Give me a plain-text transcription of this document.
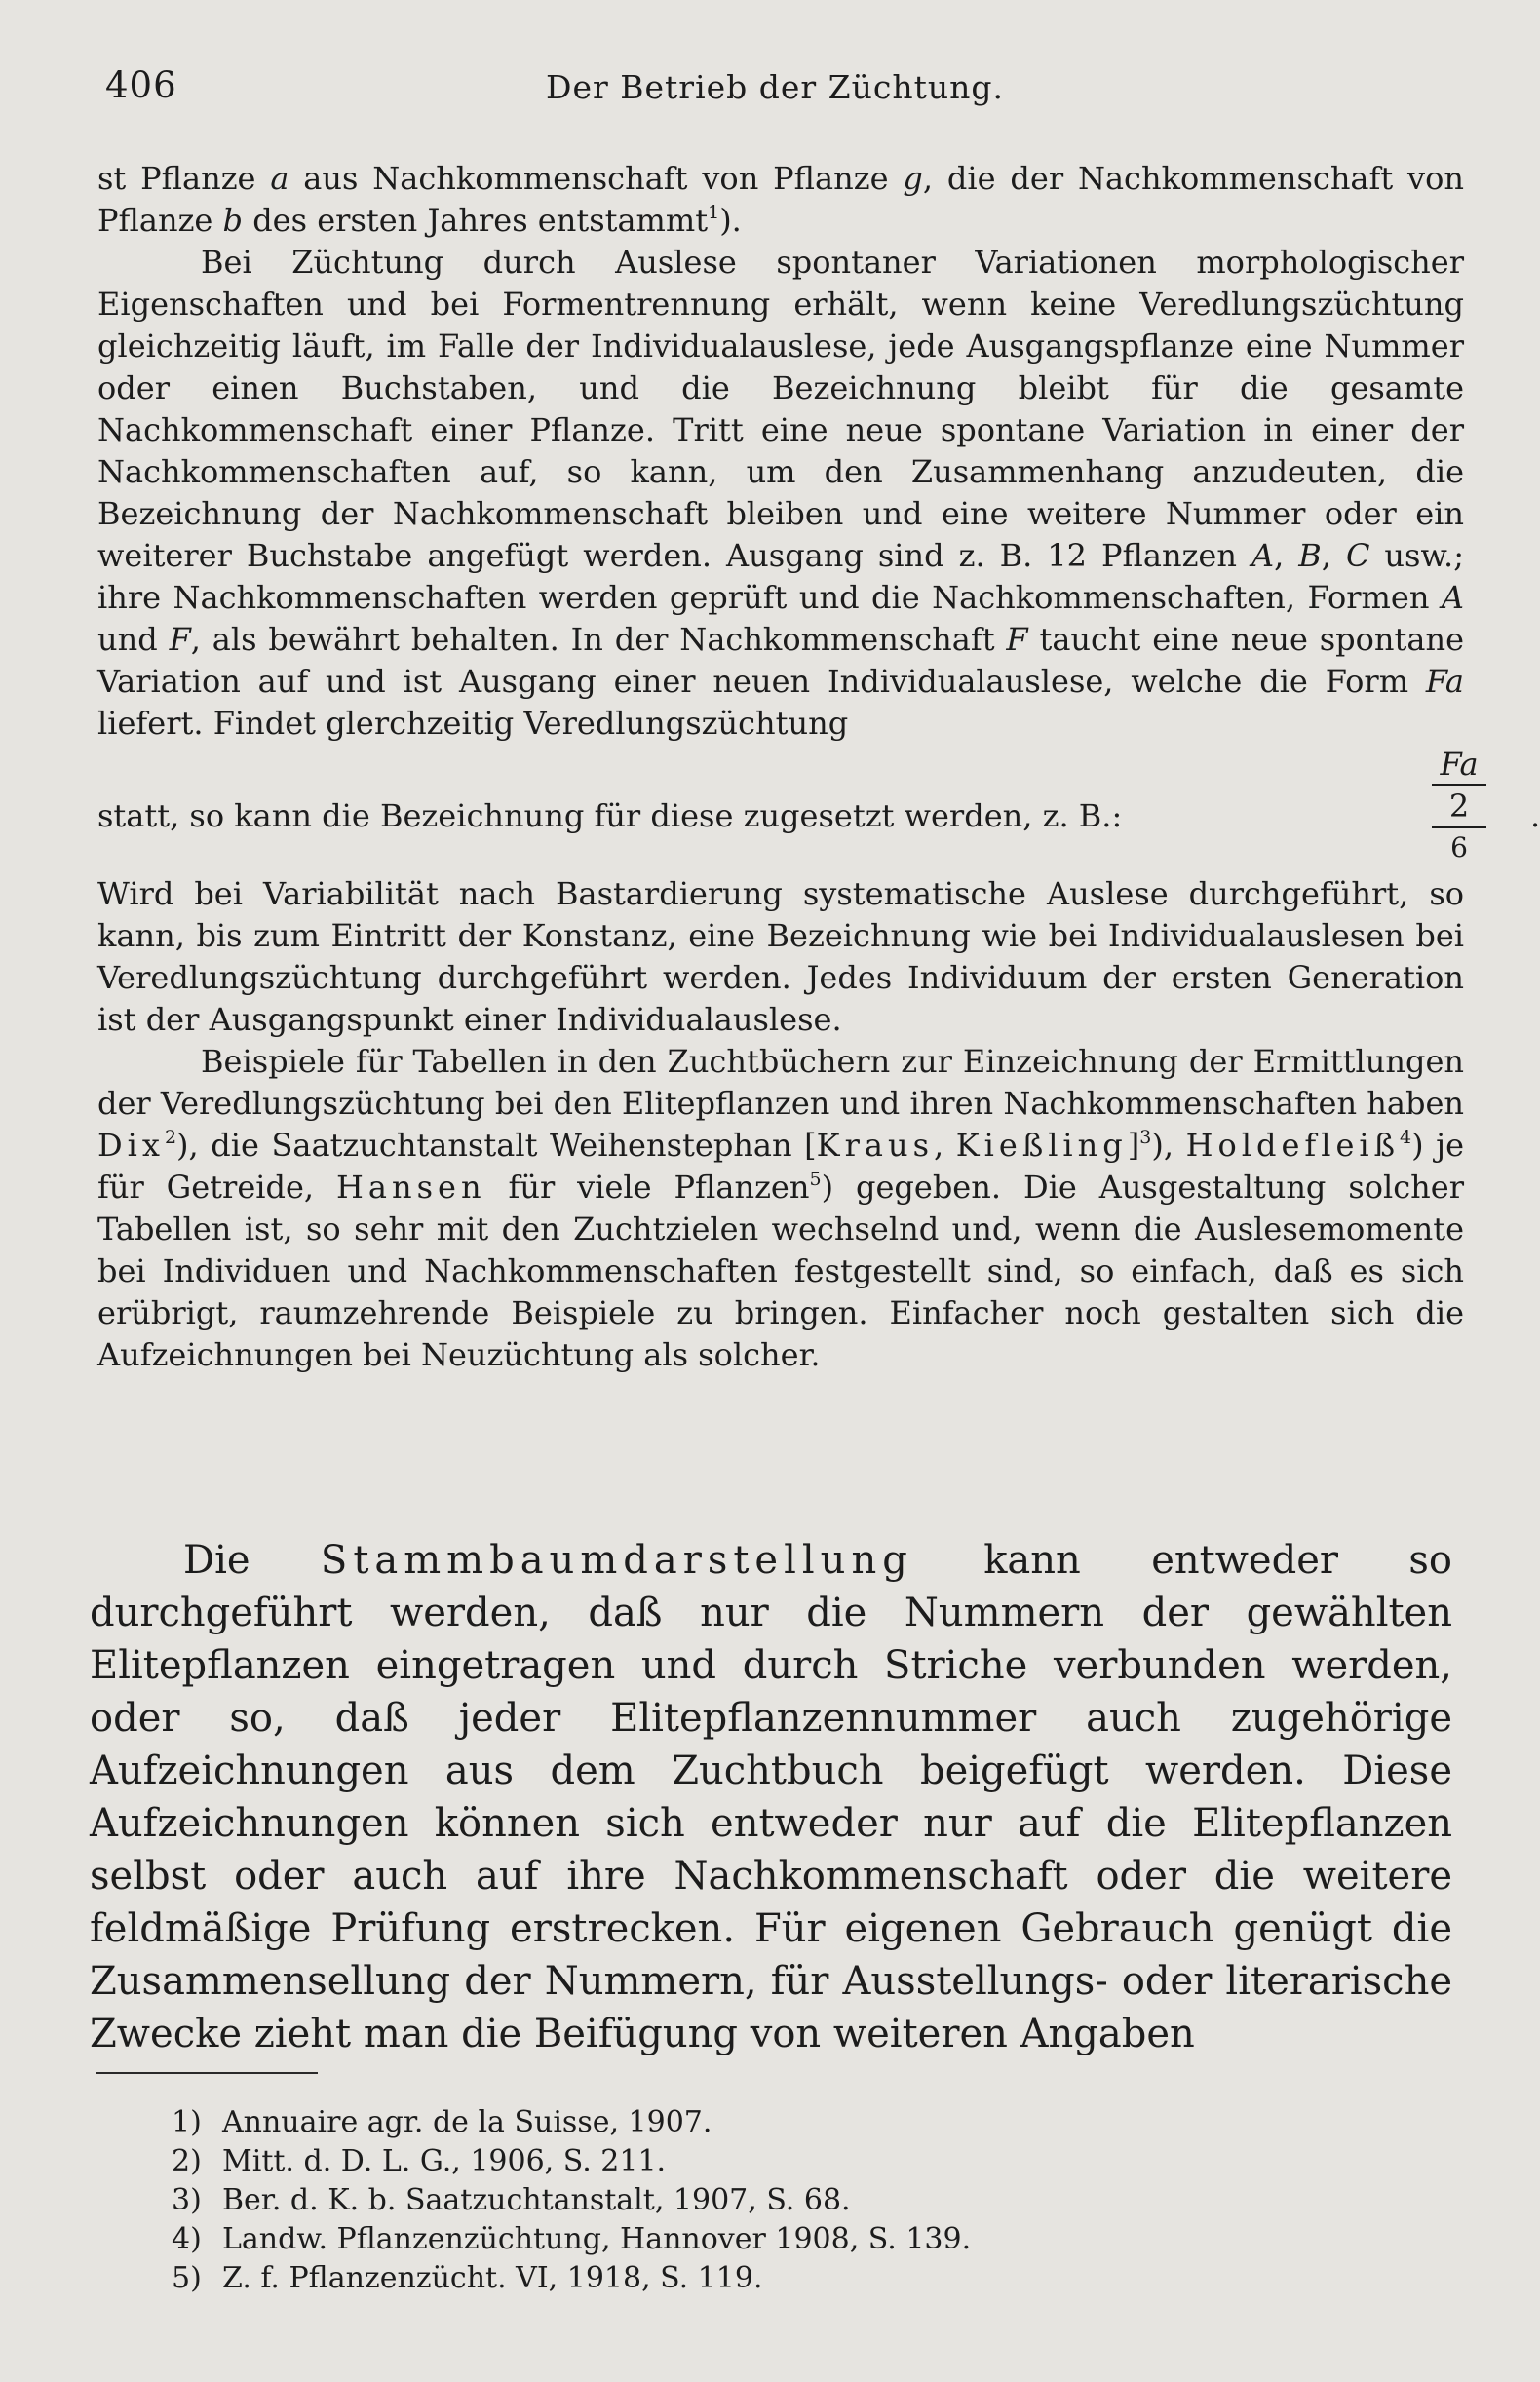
406	Der Betrieb der Züchtung.

st Pflanze a aus Nachkommenschaft von Pflanze g, die der Nachkommenschaft von Pflanze b des ersten Jahres entstammt$^1$).

Bei Züchtung durch Auslese spontaner Variationen morphologischer Eigenschaften und bei Formentrennung erhält, wenn keine Veredlungszüchtung gleichzeitig läuft, im Falle der Individualauslese, jede Ausgangspflanze eine Nummer oder einen Buchstaben, und die Bezeichnung bleibt für die gesamte Nachkommenschaft einer Pflanze. Tritt eine neue spontane Variation in einer der Nachkommenschaften auf, so kann, um den Zusammenhang anzudeuten, die Bezeichnung der Nachkommenschaft bleiben und eine weitere Nummer oder ein weiterer Buchstabe angefügt werden. Ausgang sind z. B. 12 Pflanzen A, B, C usw.; ihre Nachkommenschaften werden geprüft und die Nachkommenschaften, Formen A und F, als bewährt behalten. In der Nachkommenschaft F taucht eine neue spontane Variation auf und ist Ausgang einer neuen Individualauslese, welche die Form Fa liefert. Findet glerchzeitig Veredlungszüchtung

statt, so kann die Bezeichnung für diese zugesetzt werden, z. B.:
Fa
2
6
.

Wird bei Variabilität nach Bastardierung systematische Auslese durchgeführt, so kann, bis zum Eintritt der Konstanz, eine Bezeichnung wie bei Individualauslesen bei Veredlungszüchtung durchgeführt werden. Jedes Individuum der ersten Generation ist der Ausgangspunkt einer Individualauslese.

Beispiele für Tabellen in den Zuchtbüchern zur Einzeichnung der Ermittlungen der Veredlungszüchtung bei den Elitepflanzen und ihren Nachkommenschaften haben Dix$^2$), die Saatzuchtanstalt Weihenstephan [Kraus, Kießling]$^3$), Holdefleiß$^4$) je für Getreide, Hansen für viele Pflanzen$^5$) gegeben. Die Ausgestaltung solcher Tabellen ist, so sehr mit den Zuchtzielen wechselnd und, wenn die Auslesemomente bei Individuen und Nachkommenschaften festgestellt sind, so einfach, daß es sich erübrigt, raumzehrende Beispiele zu bringen. Einfacher noch gestalten sich die Aufzeichnungen bei Neuzüchtung als solcher.

Die Stammbaumdarstellung kann entweder so durchgeführt werden, daß nur die Nummern der gewählten Elitepflanzen eingetragen und durch Striche verbunden werden, oder so, daß jeder Elitepflanzennummer auch zugehörige Aufzeichnungen aus dem Zuchtbuch beigefügt werden. Diese Aufzeichnungen können sich entweder nur auf die Elitepflanzen selbst oder auch auf ihre Nachkommenschaft oder die weitere feldmäßige Prüfung erstrecken. Für eigenen Gebrauch genügt die Zusammensellung der Nummern, für Ausstellungs- oder literarische Zwecke zieht man die Beifügung von weiteren Angaben

1) Annuaire agr. de la Suisse, 1907.
2) Mitt. d. D. L. G., 1906, S. 211.
3) Ber. d. K. b. Saatzuchtanstalt, 1907, S. 68.
4) Landw. Pflanzenzüchtung, Hannover 1908, S. 139.
5) Z. f. Pflanzenzücht. VI, 1918, S. 119.
